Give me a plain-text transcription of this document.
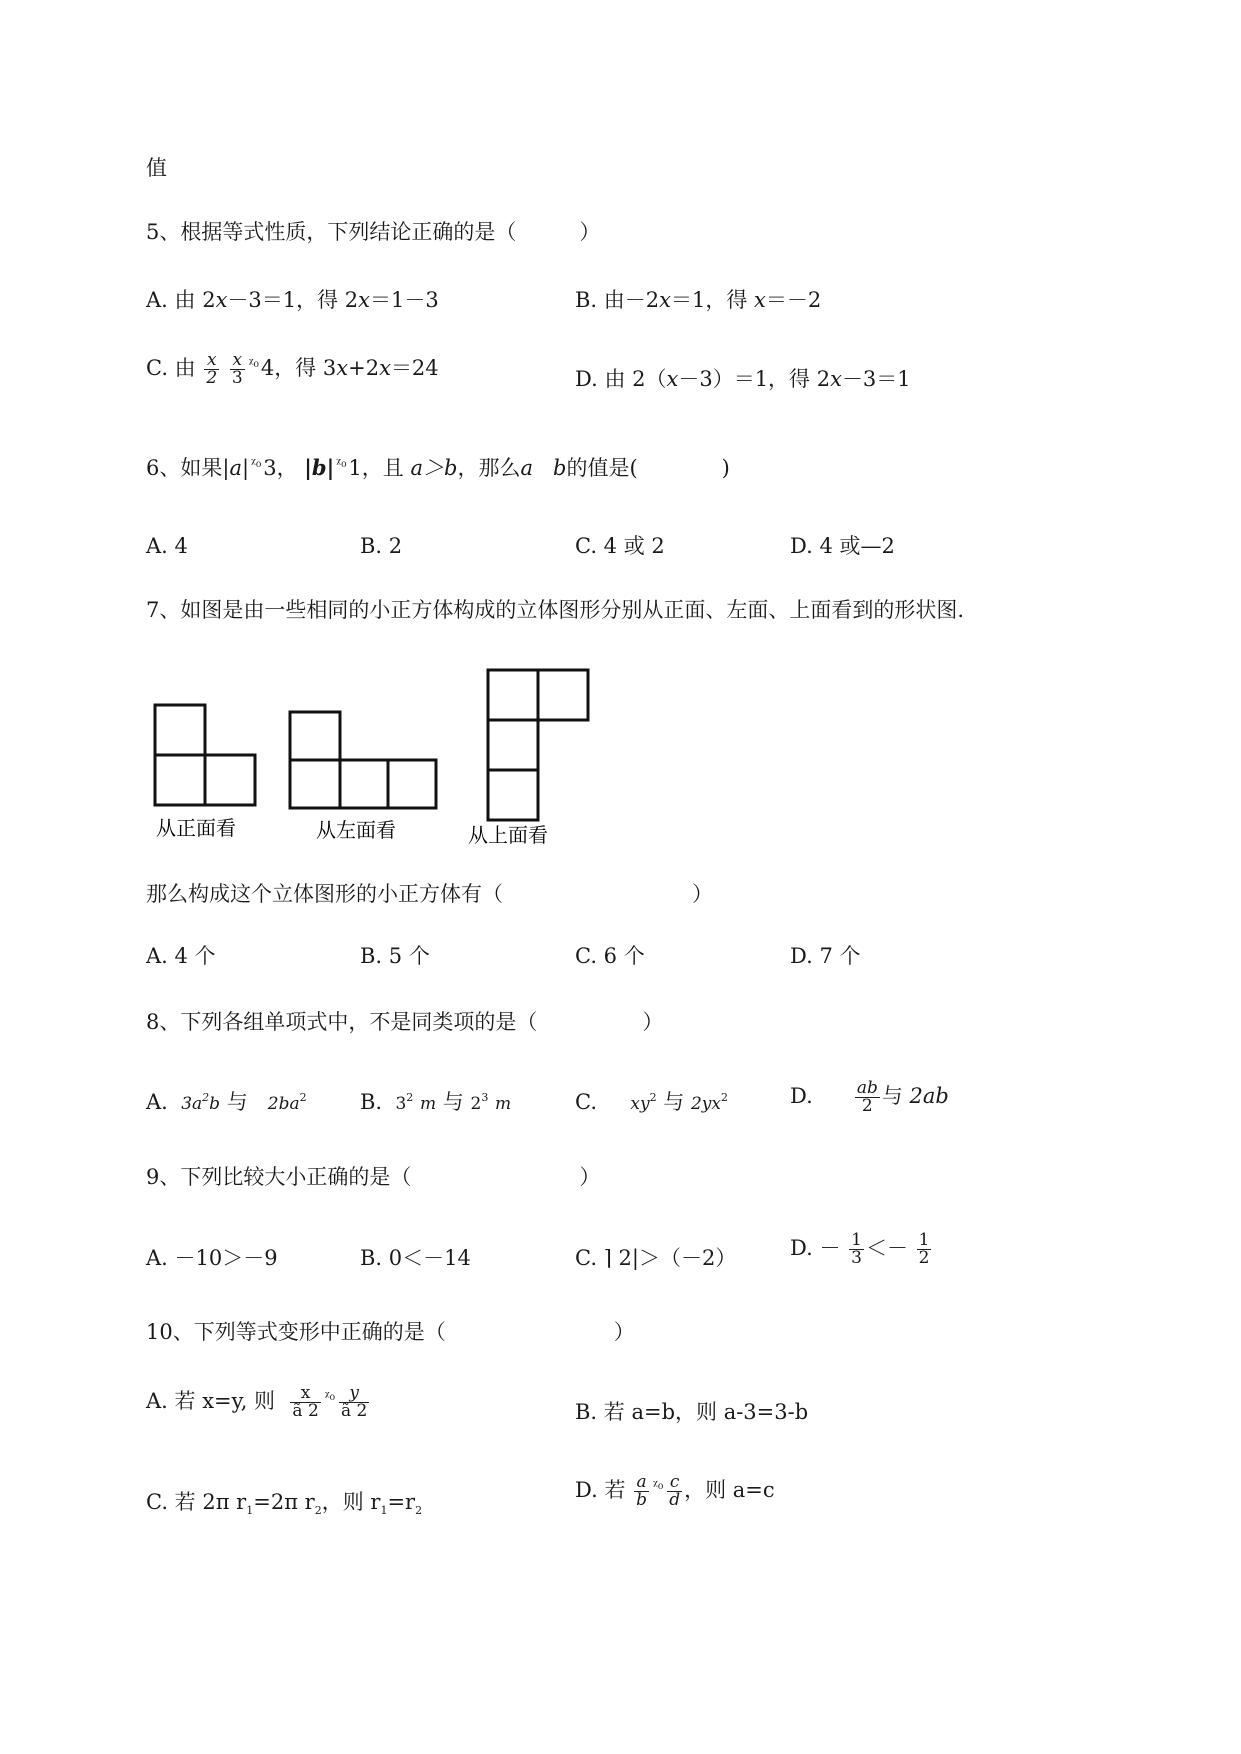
值
5、根据等式性质，下列结论正确的是（　　　）
A. 由 2x－3＝1，得 2x＝1－3	B. 由－2x＝1，得 x＝－2
C. 由 $\frac{x}{2}$
$\frac{x}{3} ^{ᵡ_0}4$，得 3x+2x＝24	D. 由 2（x－3）＝1，得 2x－3＝1
6、如果|a| $^{ᵡ_0}$3， |b| $^{ᵡ_0}$1，且 a＞b，那么a b的值是(　　　　)
A. 4	B. 2	C. 4 或 2	D. 4 或—2
7、如图是由一些相同的小正方体构成的立体图形分别从正面、左面、上面看到的形状图.
从正面看	从左面看	从上面看
那么构成这个立体图形的小正方体有（　　　　　　　　　）
A. 4 个	B. 5 个	C. 6 个	D. 7 个
8、下列各组单项式中，不是同类项的是（　　　　　）
A. $3a^2b$ 与 $2ba^2$	B. $3^2$ m 与 $2^3$ m	C. $xy^2$ 与 $2yx^2$	D. $\frac{ab}{2}$ 与 2ab
9、下列比较大小正确的是（　　　　　　　　）
A. －10＞－9	B. 0＜－14	C. ⌉ 2|＞（－2）	D. － $\frac{1}{3} <- \frac{1}{2}$
10、下列等式变形中正确的是（　　　　　　　　）
A. 若 x=y, 则 $\frac{x}{ã 2} ^{ᵡ_0} \frac{y}{ã 2}$	B. 若 a=b，则 a-3=3-b
C. 若 2π $r_1=2\pi$ $r_2$，则 $r_1=r_2$
D. 若 $\frac{a}{b} ^{ᵡ_0} \frac{c}{d}$ ，则 a=c
